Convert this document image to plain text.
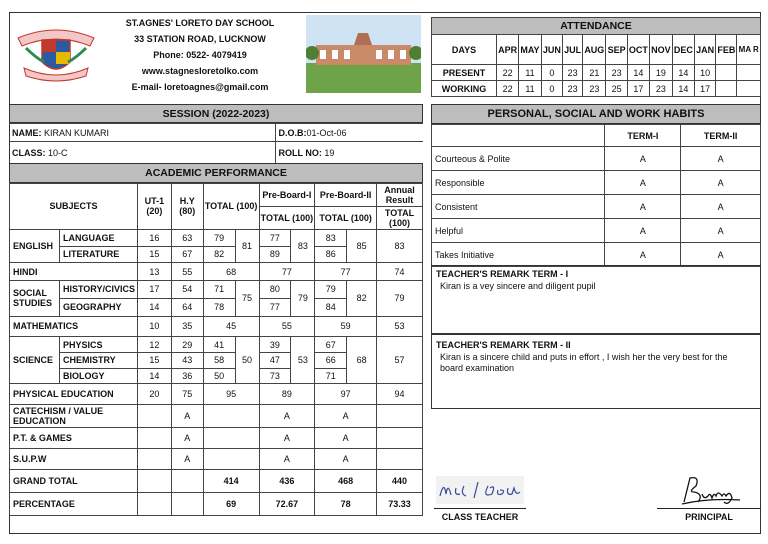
ST.AGNES' LORETO DAY SCHOOL
33 STATION ROAD, LUCKNOW
Phone: 0522- 4079419
www.stagnesloretolko.com
E-mail- loretoagnes@gmail.com
SESSION (2022-2023)
NAME: KIRAN KUMARI	D.O.B:01-Oct-06
CLASS: 10-C	ROLL NO: 19
ACADEMIC PERFORMANCE
SUBJECTS		UT-1 (20)	H.Y (80)	TOTAL (100)		Pre-Board-I		Pre-Board-II		Annual Result
						TOTAL (100)		TOTAL (100)		TOTAL (100)
ENGLISH	LANGUAGE	16	63	79	81	77	83	83	85	83
	LITERATURE	15	67	82		89		86		
HINDI		13	55	68		77		77		74
SOCIAL STUDIES	HISTORY/CIVICS	17	54	71	75	80	79	79	82	79
	GEOGRAPHY	14	64	78		77		84		
MATHEMATICS		10	35	45		55		59		53
SCIENCE	PHYSICS	12	29	41	50	39	53	67	68	57
	CHEMISTRY	15	43	58		47		66		
	BIOLOGY	14	36	50		73		71		
PHYSICAL EDUCATION		20	75	95		89		97		94
CATECHISM / VALUE EDUCATION			A			A		A		
P.T. & GAMES			A			A		A		
S.U.P.W			A			A		A		
GRAND TOTAL				414		436		468		440
PERCENTAGE				69		72.67		78		73.33
ATTENDANCE												
DAYS	APR	MAY	JUN	JUL	AUG	SEP	OCT	NOV	DEC	JAN	FEB	MA R
PRESENT	22	11	0	23	21	23	14	19	14	10		
WORKING	22	11	0	23	23	25	17	23	14	17		
PERSONAL, SOCIAL AND WORK HABITS
	TERM-I	TERM-II
Courteous & Polite	A	A
Responsible	A	A
Consistent	A	A
Helpful	A	A
Takes Initiative	A	A
TEACHER'S REMARK TERM - I
Kiran is a vey sincere and diligent pupil
TEACHER'S REMARK TERM - II
Kiran is a sincere child and puts in effort , I wish her the very best for the board examination
CLASS TEACHER	PRINCIPAL
